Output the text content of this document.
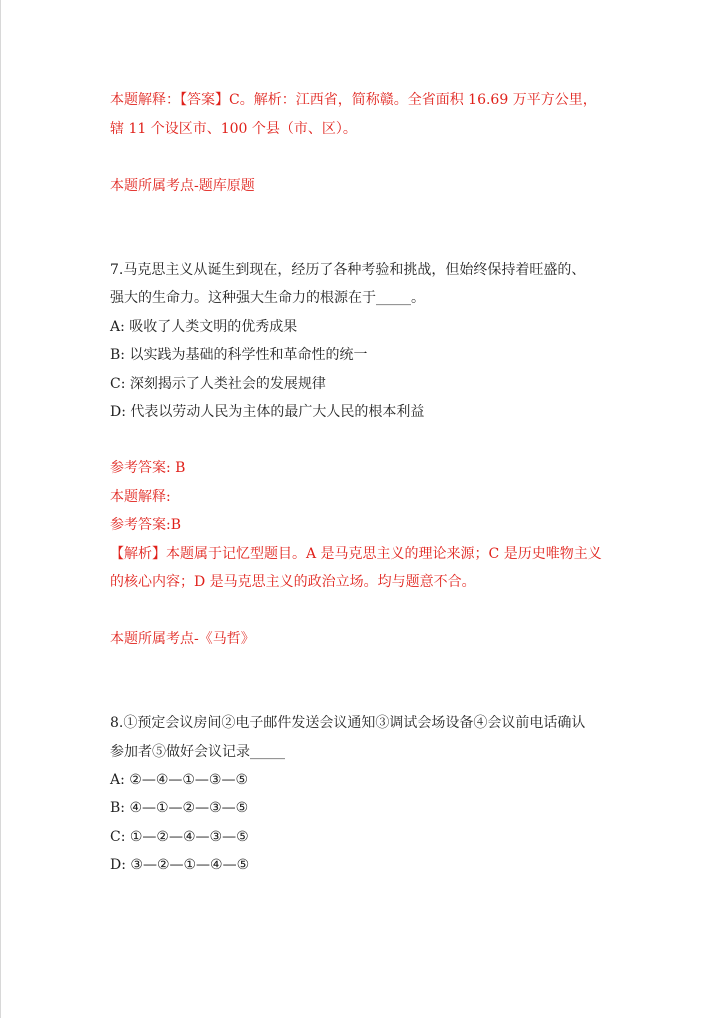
本题解释：【答案】C。解析：江西省，简称赣。全省面积 16.69 万平方公里，
辖 11 个设区市、100 个县（市、区）。
本题所属考点-题库原题
7.马克思主义从诞生到现在，经历了各种考验和挑战，但始终保持着旺盛的、
强大的生命力。这种强大生命力的根源在于_____。
A: 吸收了人类文明的优秀成果
B: 以实践为基础的科学性和革命性的统一
C: 深刻揭示了人类社会的发展规律
D: 代表以劳动人民为主体的最广大人民的根本利益
参考答案: B
本题解释:
参考答案:B
【解析】本题属于记忆型题目。A 是马克思主义的理论来源；C 是历史唯物主义
的核心内容；D 是马克思主义的政治立场。均与题意不合。
本题所属考点-《马哲》
8.①预定会议房间②电子邮件发送会议通知③调试会场设备④会议前电话确认
参加者⑤做好会议记录_____
A: ②—④—①—③—⑤
B: ④—①—②—③—⑤
C: ①—②—④—③—⑤
D: ③—②—①—④—⑤
